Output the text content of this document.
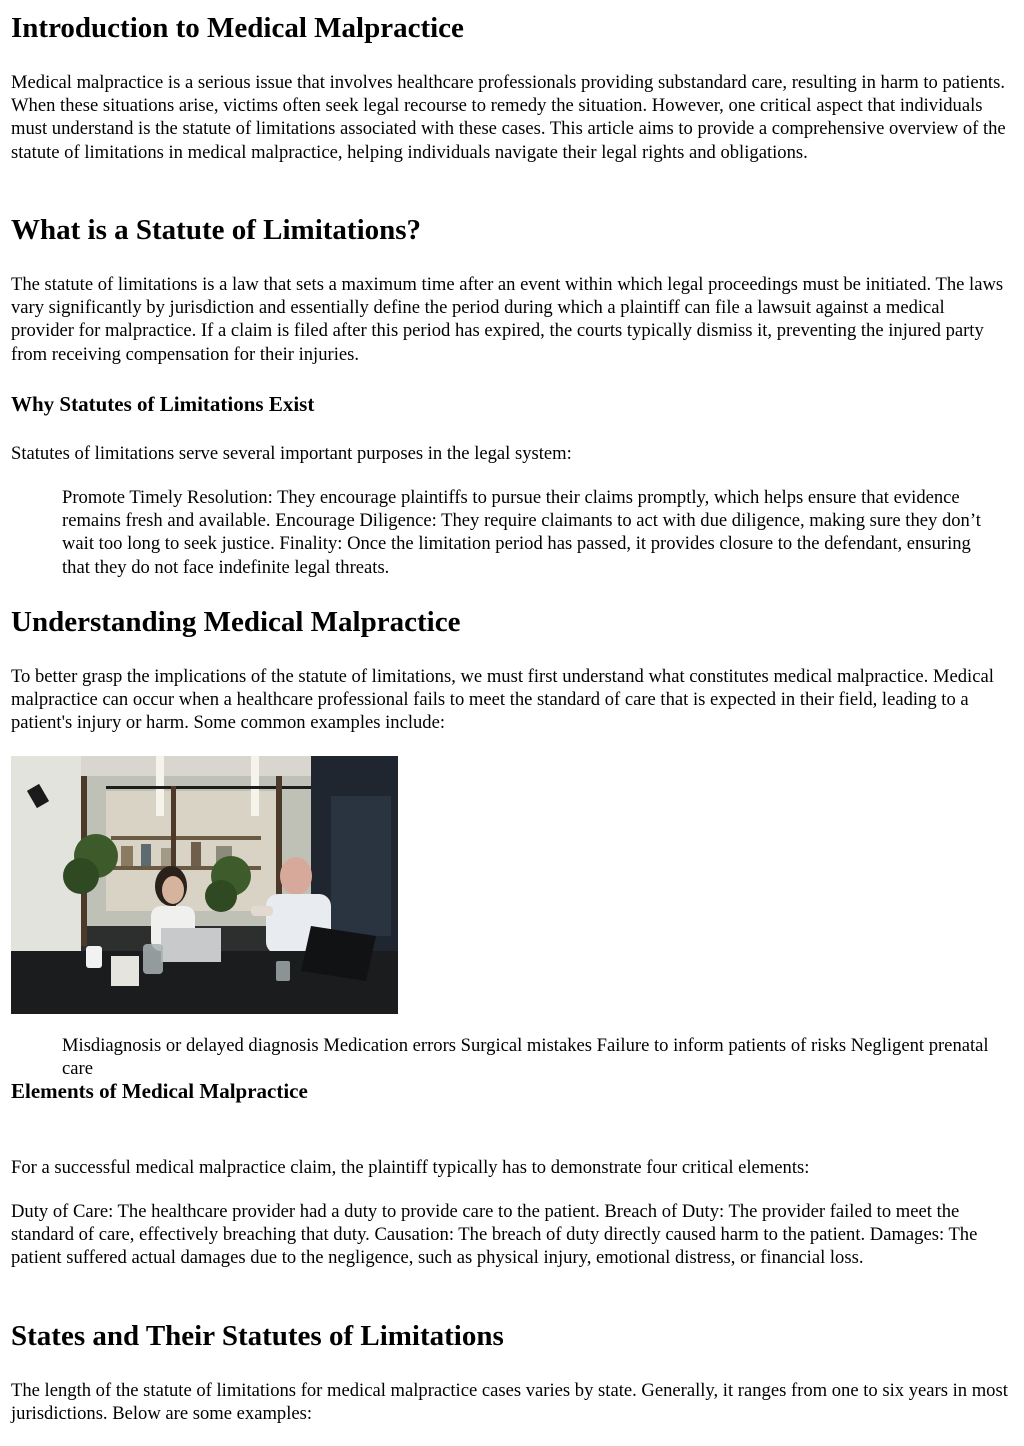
Introduction to Medical Malpractice

Medical malpractice is a serious issue that involves healthcare professionals providing substandard care, resulting in harm to patients. When these situations arise, victims often seek legal recourse to remedy the situation. However, one critical aspect that individuals must understand is the statute of limitations associated with these cases. This article aims to provide a comprehensive overview of the statute of limitations in medical malpractice, helping individuals navigate their legal rights and obligations.

What is a Statute of Limitations?

The statute of limitations is a law that sets a maximum time after an event within which legal proceedings must be initiated. The laws vary significantly by jurisdiction and essentially define the period during which a plaintiff can file a lawsuit against a medical provider for malpractice. If a claim is filed after this period has expired, the courts typically dismiss it, preventing the injured party from receiving compensation for their injuries.

Why Statutes of Limitations Exist

Statutes of limitations serve several important purposes in the legal system:

Promote Timely Resolution: They encourage plaintiffs to pursue their claims promptly, which helps ensure that evidence remains fresh and available. Encourage Diligence: They require claimants to act with due diligence, making sure they don’t wait too long to seek justice. Finality: Once the limitation period has passed, it provides closure to the defendant, ensuring that they do not face indefinite legal threats.

Understanding Medical Malpractice

To better grasp the implications of the statute of limitations, we must first understand what constitutes medical malpractice. Medical malpractice can occur when a healthcare professional fails to meet the standard of care that is expected in their field, leading to a patient's injury or harm. Some common examples include:

Misdiagnosis or delayed diagnosis Medication errors Surgical mistakes Failure to inform patients of risks Negligent prenatal care

Elements of Medical Malpractice

For a successful medical malpractice claim, the plaintiff typically has to demonstrate four critical elements:

Duty of Care: The healthcare provider had a duty to provide care to the patient. Breach of Duty: The provider failed to meet the standard of care, effectively breaching that duty. Causation: The breach of duty directly caused harm to the patient. Damages: The patient suffered actual damages due to the negligence, such as physical injury, emotional distress, or financial loss.

States and Their Statutes of Limitations

The length of the statute of limitations for medical malpractice cases varies by state. Generally, it ranges from one to six years in most jurisdictions. Below are some examples:
